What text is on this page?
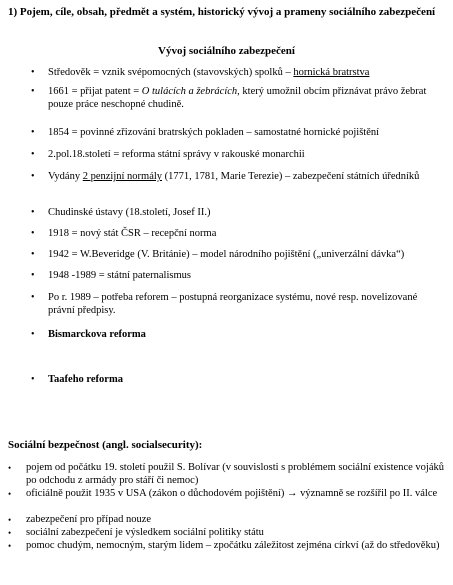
1) Pojem, cíle, obsah, předmět a systém, historický vývoj a prameny sociálního zabezpečení
Vývoj sociálního zabezpečení
• Středověk = vznik svépomocných (stavovských) spolků – hornická bratrstva
• 1661 = přijat patent = O tulácích a žebrácích, který umožnil obcím přiznávat právo žebrat pouze práce neschopné chudině.
• 1854 = povinné zřizování bratrských pokladen – samostatné hornické pojištění
• 2.pol.18.století = reforma státní správy v rakouské monarchii
• Vydány 2 penzijní normály (1771, 1781, Marie Terezie) – zabezpečení státních úředníků
• Chudinské ústavy (18.století, Josef II.)
• 1918 = nový stát ČSR – recepční norma
• 1942 = W.Beveridge (V. Británie) – model národního pojištění („univerzální dávka“)
• 1948 -1989 = státní paternalismus
• Po r. 1989 – potřeba reforem – postupná reorganizace systému, nové resp. novelizované právní předpisy.
• Bismarckova reforma
• Taafeho reforma
Sociální bezpečnost (angl. socialsecurity):
• pojem od počátku 19. století použil S. Bolívar (v souvislosti s problémem sociální existence vojáků po odchodu z armády pro stáří či nemoc)
• oficiálně použit 1935 v USA (zákon o důchodovém pojištění) → významně se rozšířil po II. válce
• zabezpečení pro případ nouze
• sociální zabezpečení je výsledkem sociální politiky státu
• pomoc chudým, nemocným, starým lidem – zpočátku záležitost zejména církví (až do středověku)
